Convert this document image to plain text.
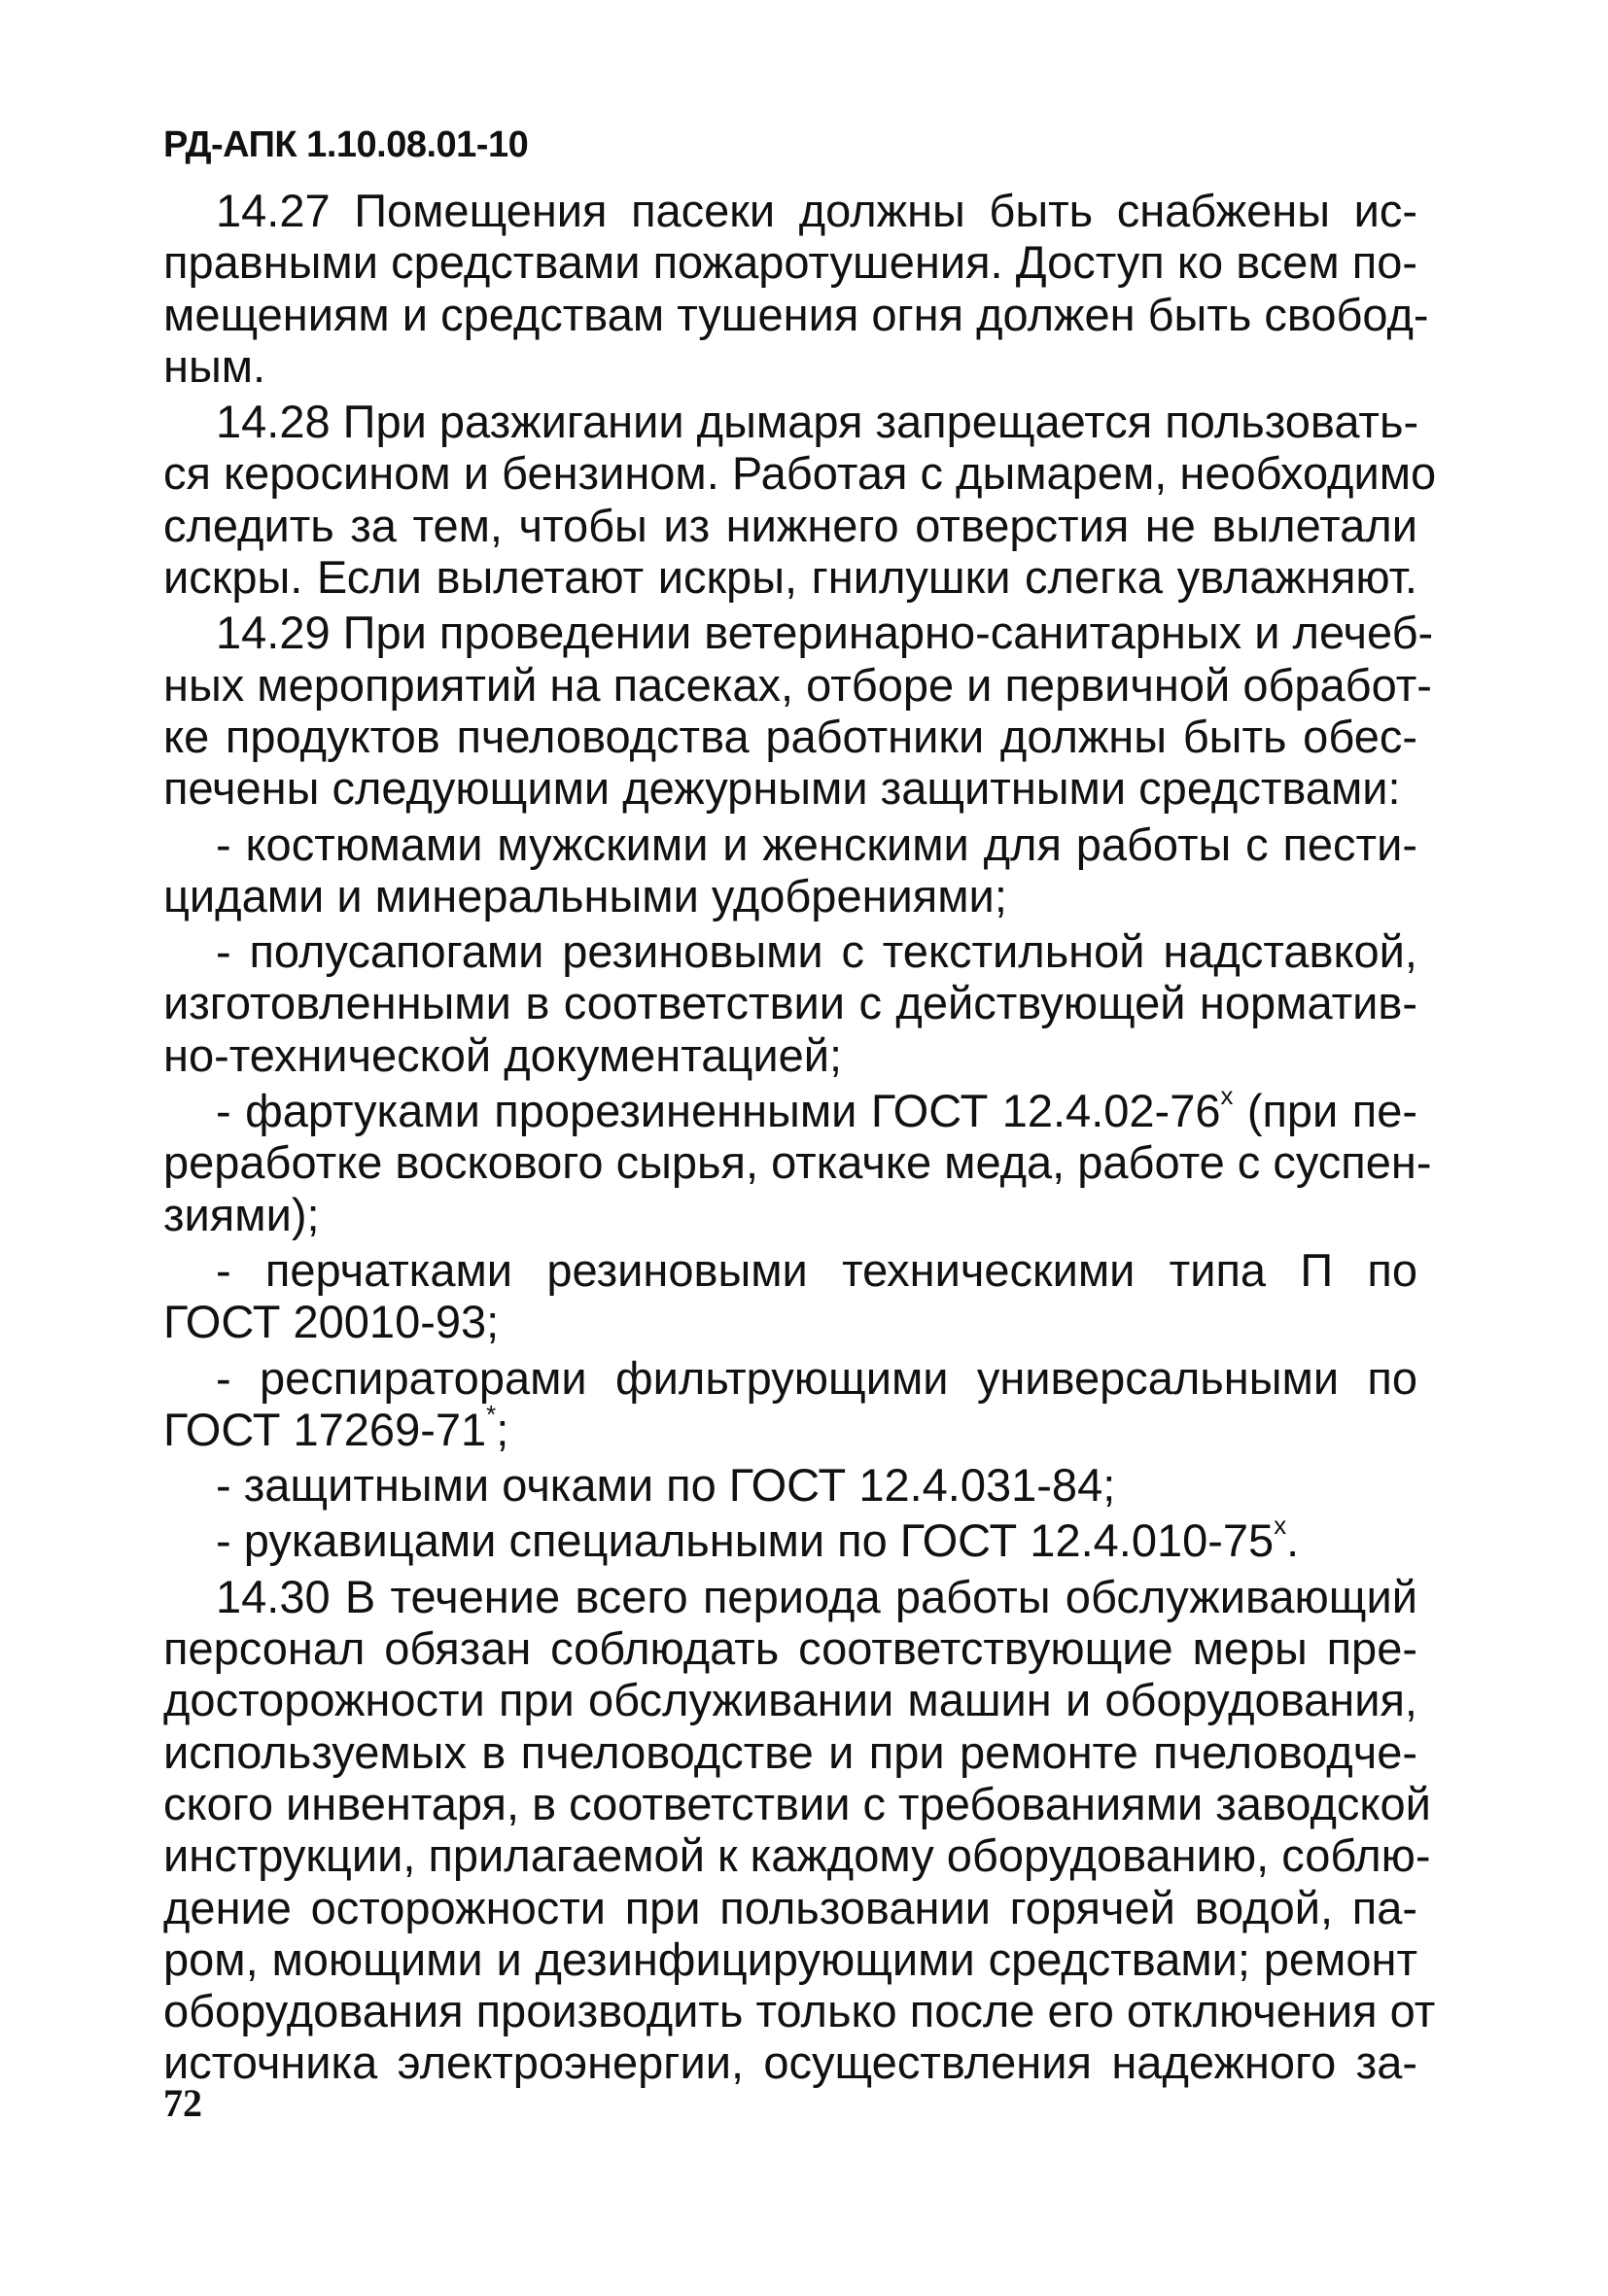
РД-АПК 1.10.08.01-10
14.27 Помещения пасеки должны быть снабжены ис-
правными средствами пожаротушения. Доступ ко всем по-
мещениям и средствам тушения огня должен быть свобод-
ным.
14.28 При разжигании дымаря запрещается пользовать-
ся керосином и бензином. Работая с дымарем, необходимо
следить за тем, чтобы из нижнего отверстия не вылетали
искры. Если вылетают искры, гнилушки слегка увлажняют.
14.29 При проведении ветеринарно-санитарных и лечеб-
ных мероприятий на пасеках, отборе и первичной обработ-
ке продуктов пчеловодства работники должны быть обес-
печены следующими дежурными защитными средствами:
- костюмами мужскими и женскими для работы с пести-
цидами и минеральными удобрениями;
- полусапогами резиновыми с текстильной надставкой,
изготовленными в соответствии с действующей норматив-
но-технической документацией;
- фартуками прорезиненными ГОСТ $12.4.02-76^х$ (при пе-
реработке воскового сырья, откачке меда, работе с суспен-
зиями);
- перчатками резиновыми техническими типа П по
ГОСТ 20010-93;
- респираторами фильтрующими универсальными по
ГОСТ 17269-71*;
- защитными очками по ГОСТ 12.4.031-84;
- рукавицами специальными по ГОСТ $12.4.010-75^х$.
14.30 В течение всего периода работы обслуживающий
персонал обязан соблюдать соответствующие меры пре-
досторожности при обслуживании машин и оборудования,
используемых в пчеловодстве и при ремонте пчеловодче-
ского инвентаря, в соответствии с требованиями заводской
инструкции, прилагаемой к каждому оборудованию, соблю-
дение осторожности при пользовании горячей водой, па-
ром, моющими и дезинфицирующими средствами; ремонт
оборудования производить только после его отключения от
источника электроэнергии, осуществления надежного за-
72
